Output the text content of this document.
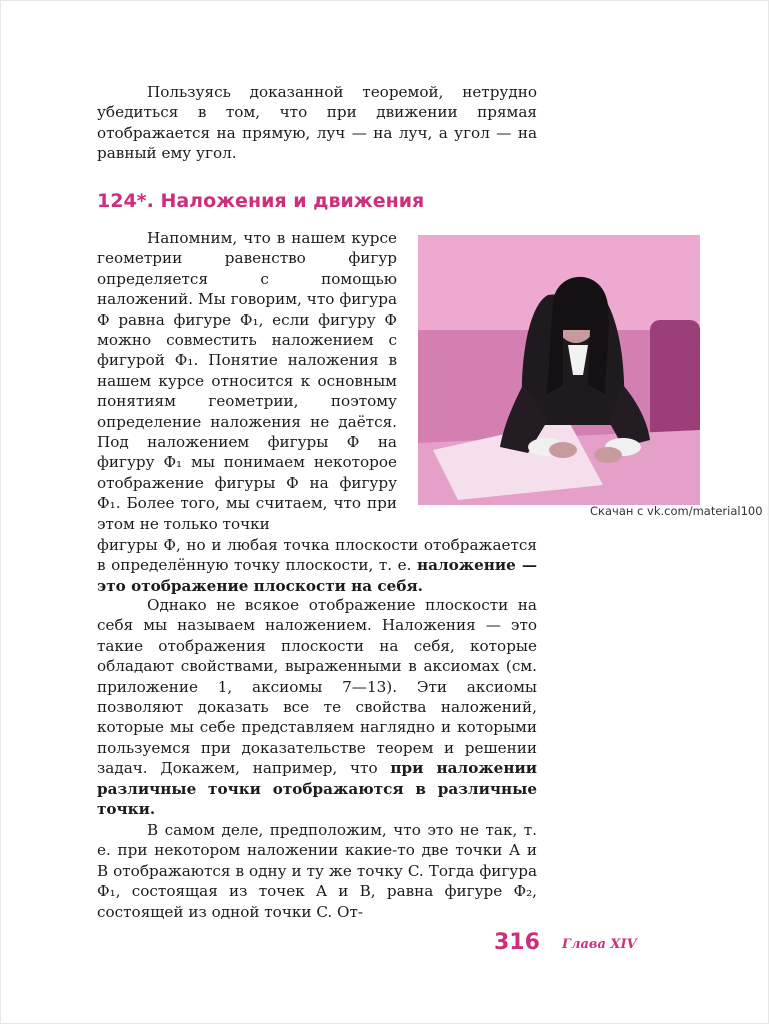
Пользуясь доказанной теоремой, нетрудно убедиться в том, что при движении прямая отображается на прямую, луч — на луч, а угол — на равный ему угол.

124*. Наложения и движения

Напомним, что в нашем курсе геометрии равенство фигур определяется с помощью наложений. Мы говорим, что фигура Ф равна фигуре Ф₁, если фигуру Ф можно совместить наложением с фигурой Ф₁. Понятие наложения в нашем курсе относится к основным понятиям геометрии, поэтому определение наложения не даётся. Под наложением фигуры Ф на фигуру Ф₁ мы понимаем некоторое отображение фигуры Ф на фигуру Ф₁. Более того, мы считаем, что при этом не только точки

фигуры Ф, но и любая точка плоскости отображается в определённую точку плоскости, т. е. наложение — это отображение плоскости на себя.

Однако не всякое отображение плоскости на себя мы называем наложением. Наложения — это такие отображения плоскости на себя, которые обладают свойствами, выраженными в аксиомах (см. приложение 1, аксиомы 7—13). Эти аксиомы позволяют доказать все те свойства наложений, которые мы себе представляем наглядно и которыми пользуемся при доказательстве теорем и решении задач. Докажем, например, что при наложении различные точки отображаются в различные точки.

В самом деле, предположим, что это не так, т. е. при некотором наложении какие-то две точки A и B отображаются в одну и ту же точку C. Тогда фигура Ф₁, состоящая из точек A и B, равна фигуре Ф₂, состоящей из одной точки C. От-

Скачан с vk.com/material100
316 Глава XIV
